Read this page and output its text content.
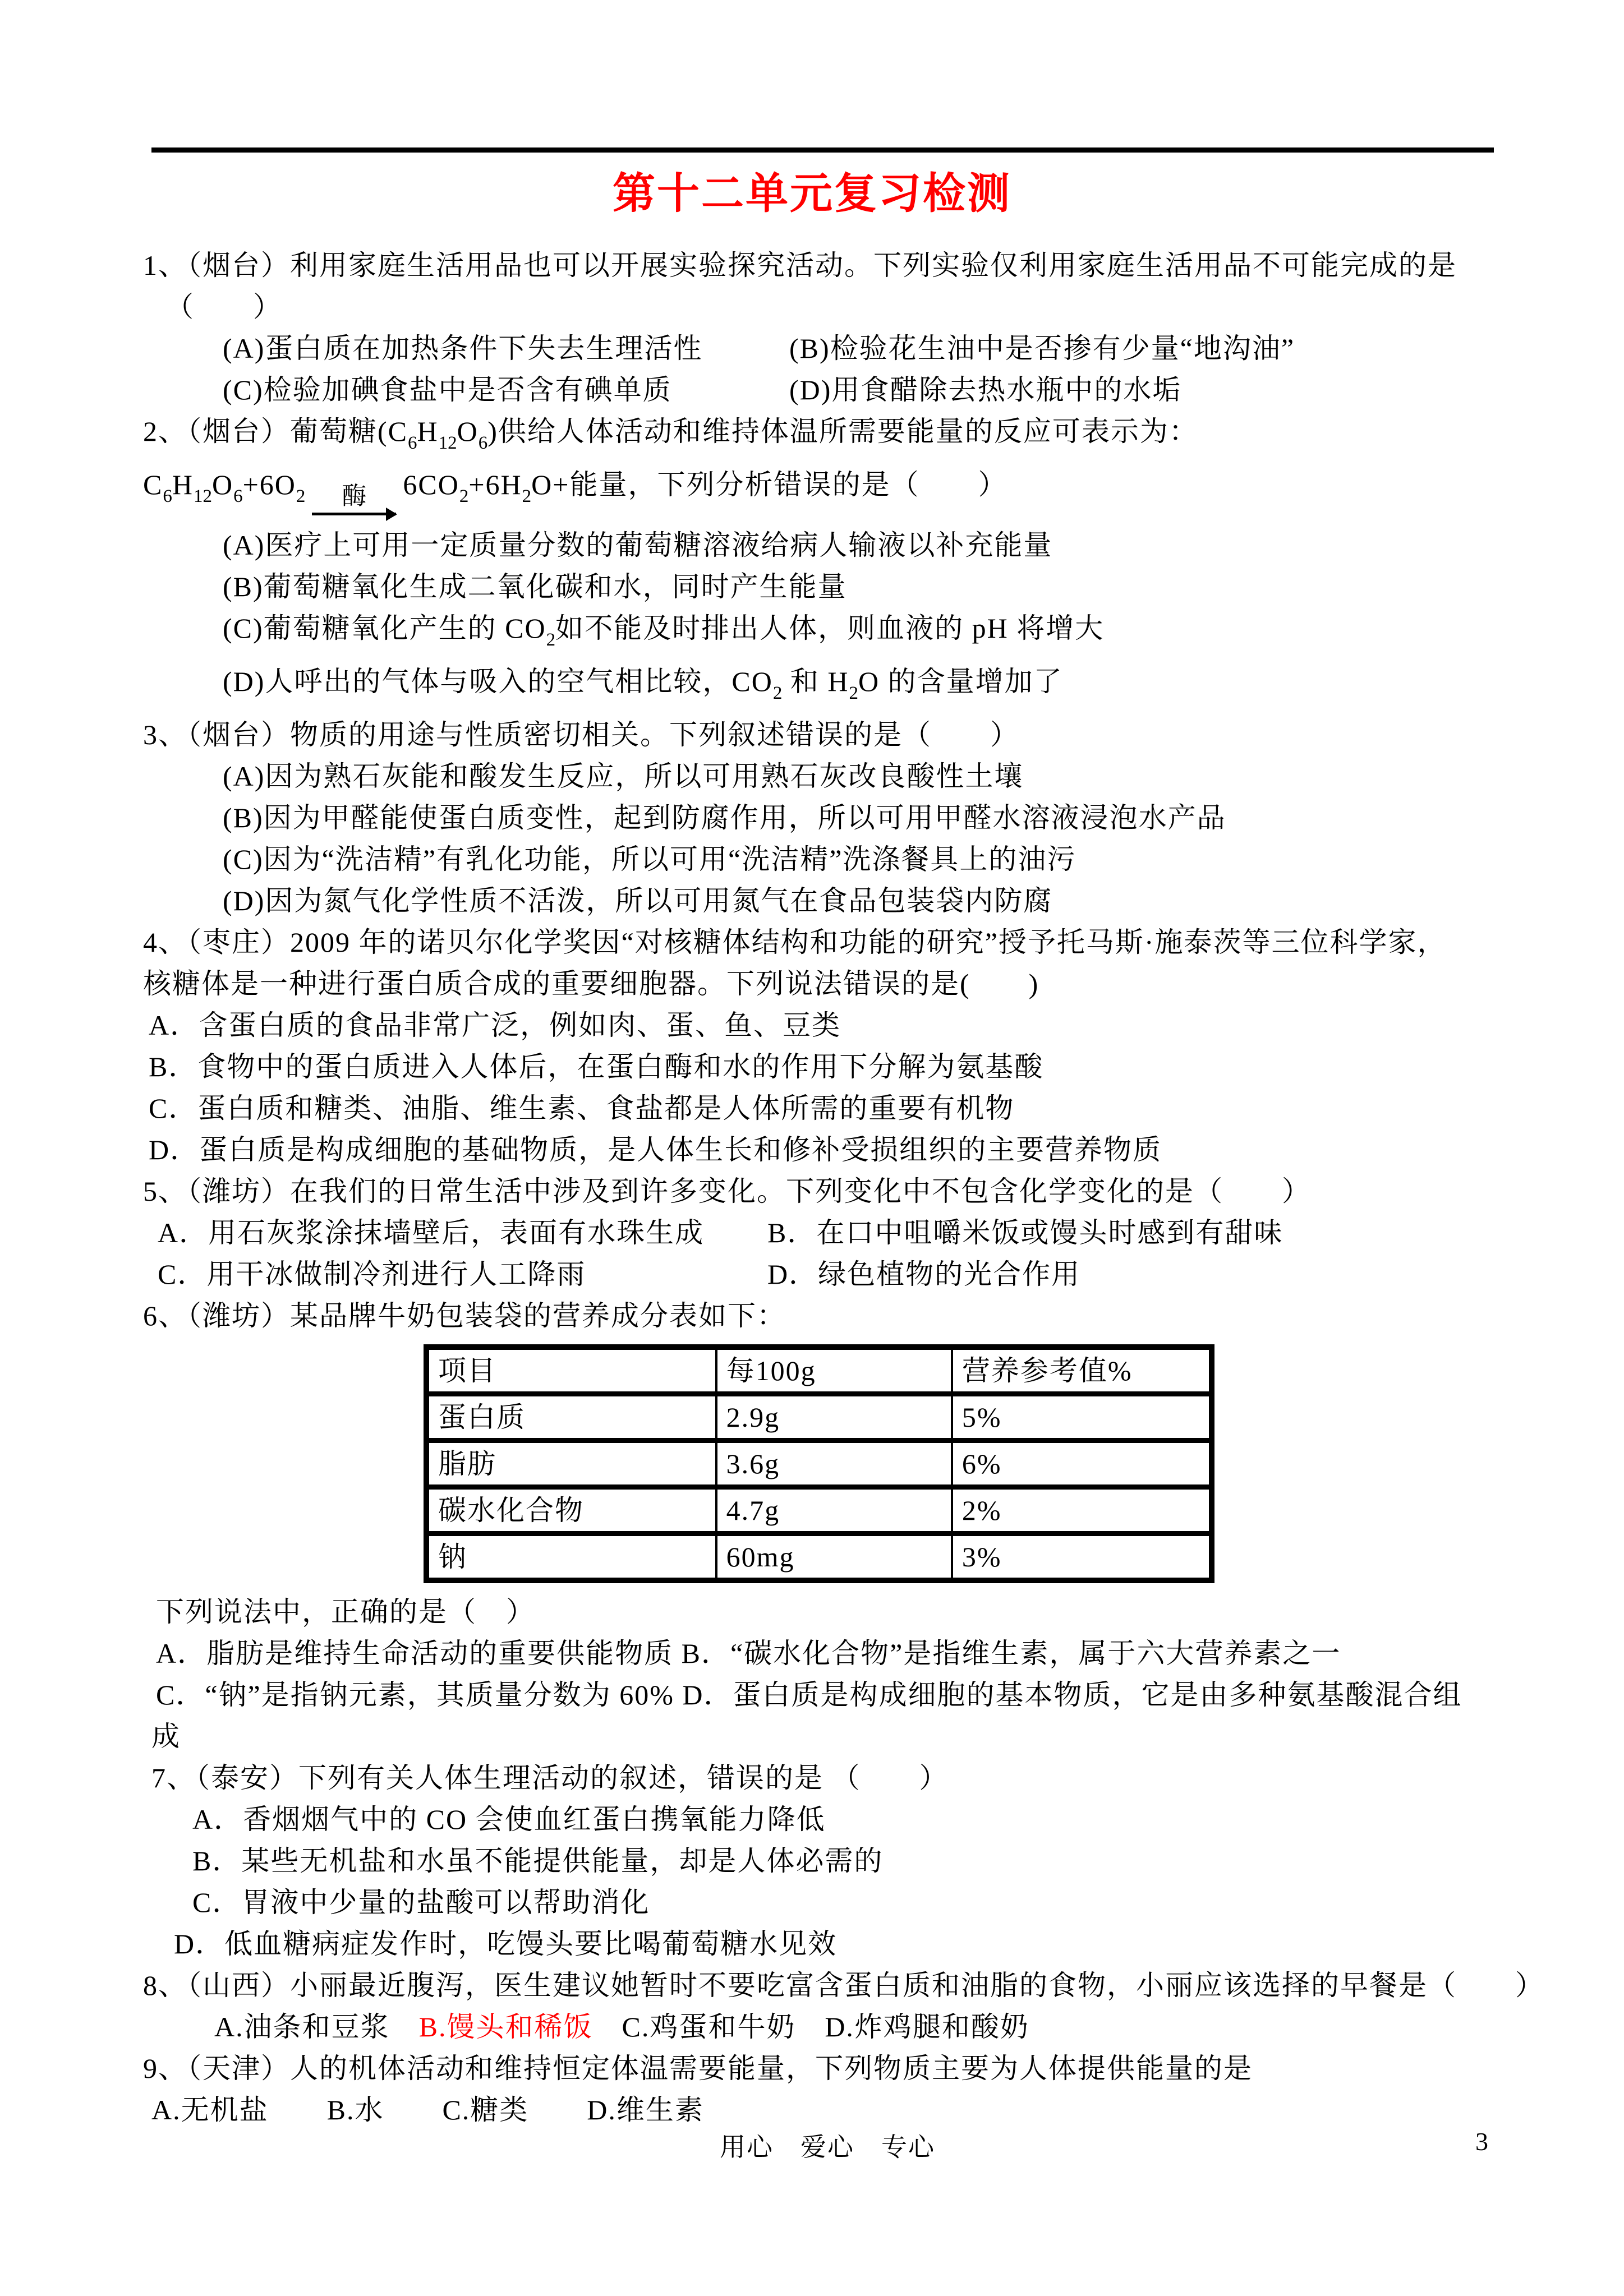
第十二单元复习检测
1、（烟台）利用家庭生活用品也可以开展实验探究活动。下列实验仅利用家庭生活用品不可能完成的是
（　　）
(A)蛋白质在加热条件下失去生理活性	(B)检验花生油中是否掺有少量“地沟油”
(C)检验加碘食盐中是否含有碘单质	(D)用食醋除去热水瓶中的水垢
2、（烟台）葡萄糖$(C_6H_{12}O_6)$供给人体活动和维持体温所需要能量的反应可表示为：
$C_6H_{12}O_6+6O_2$ 酶 $6CO_2+6H_2O+$能量，下列分析错误的是（　　）
(A)医疗上可用一定质量分数的葡萄糖溶液给病人输液以补充能量
(B)葡萄糖氧化生成二氧化碳和水，同时产生能量
(C)葡萄糖氧化产生的 $CO_2$如不能及时排出人体，则血液的 pH 将增大
(D)人呼出的气体与吸入的空气相比较，$CO_2$ 和 $H_2O$ 的含量增加了
3、（烟台）物质的用途与性质密切相关。下列叙述错误的是（　　）
(A)因为熟石灰能和酸发生反应，所以可用熟石灰改良酸性土壤
(B)因为甲醛能使蛋白质变性，起到防腐作用，所以可用甲醛水溶液浸泡水产品
(C)因为“洗洁精”有乳化功能，所以可用“洗洁精”洗涤餐具上的油污
(D)因为氮气化学性质不活泼，所以可用氮气在食品包装袋内防腐
4、（枣庄）2009 年的诺贝尔化学奖因“对核糖体结构和功能的研究”授予托马斯·施泰茨等三位科学家，
核糖体是一种进行蛋白质合成的重要细胞器。下列说法错误的是(　　)
A．含蛋白质的食品非常广泛，例如肉、蛋、鱼、豆类
B．食物中的蛋白质进入人体后，在蛋白酶和水的作用下分解为氨基酸
C．蛋白质和糖类、油脂、维生素、食盐都是人体所需的重要有机物
D．蛋白质是构成细胞的基础物质，是人体生长和修补受损组织的主要营养物质
5、（潍坊）在我们的日常生活中涉及到许多变化。下列变化中不包含化学变化的是（　　）
A．用石灰浆涂抹墙壁后，表面有水珠生成 B．在口中咀嚼米饭或馒头时感到有甜味
C．用干冰做制冷剂进行人工降雨	D．绿色植物的光合作用
6、（潍坊）某品牌牛奶包装袋的营养成分表如下：
项目	每100g	营养参考值%
蛋白质	2.9g	5%
脂肪	3.6g	6%
碳水化合物	4.7g	2%
钠	60mg	3%
下列说法中，正确的是（　）
A．脂肪是维持生命活动的重要供能物质 B．“碳水化合物”是指维生素，属于六大营养素之一
C．“钠”是指钠元素，其质量分数为 60% D．蛋白质是构成细胞的基本物质，它是由多种氨基酸混合组
成
7、（泰安）下列有关人体生理活动的叙述，错误的是 （　　）
A．香烟烟气中的 CO 会使血红蛋白携氧能力降低
B．某些无机盐和水虽不能提供能量，却是人体必需的
C．胃液中少量的盐酸可以帮助消化
D．低血糖病症发作时，吃馒头要比喝葡萄糖水见效
8、（山西）小丽最近腹泻，医生建议她暂时不要吃富含蛋白质和油脂的食物，小丽应该选择的早餐是（　　）
A.油条和豆浆　B.馒头和稀饭　C.鸡蛋和牛奶　D.炸鸡腿和酸奶
9、（天津）人的机体活动和维持恒定体温需要能量，下列物质主要为人体提供能量的是
A.无机盐　　B.水　　C.糖类　　D.维生素
用心　爱心　专心	3
